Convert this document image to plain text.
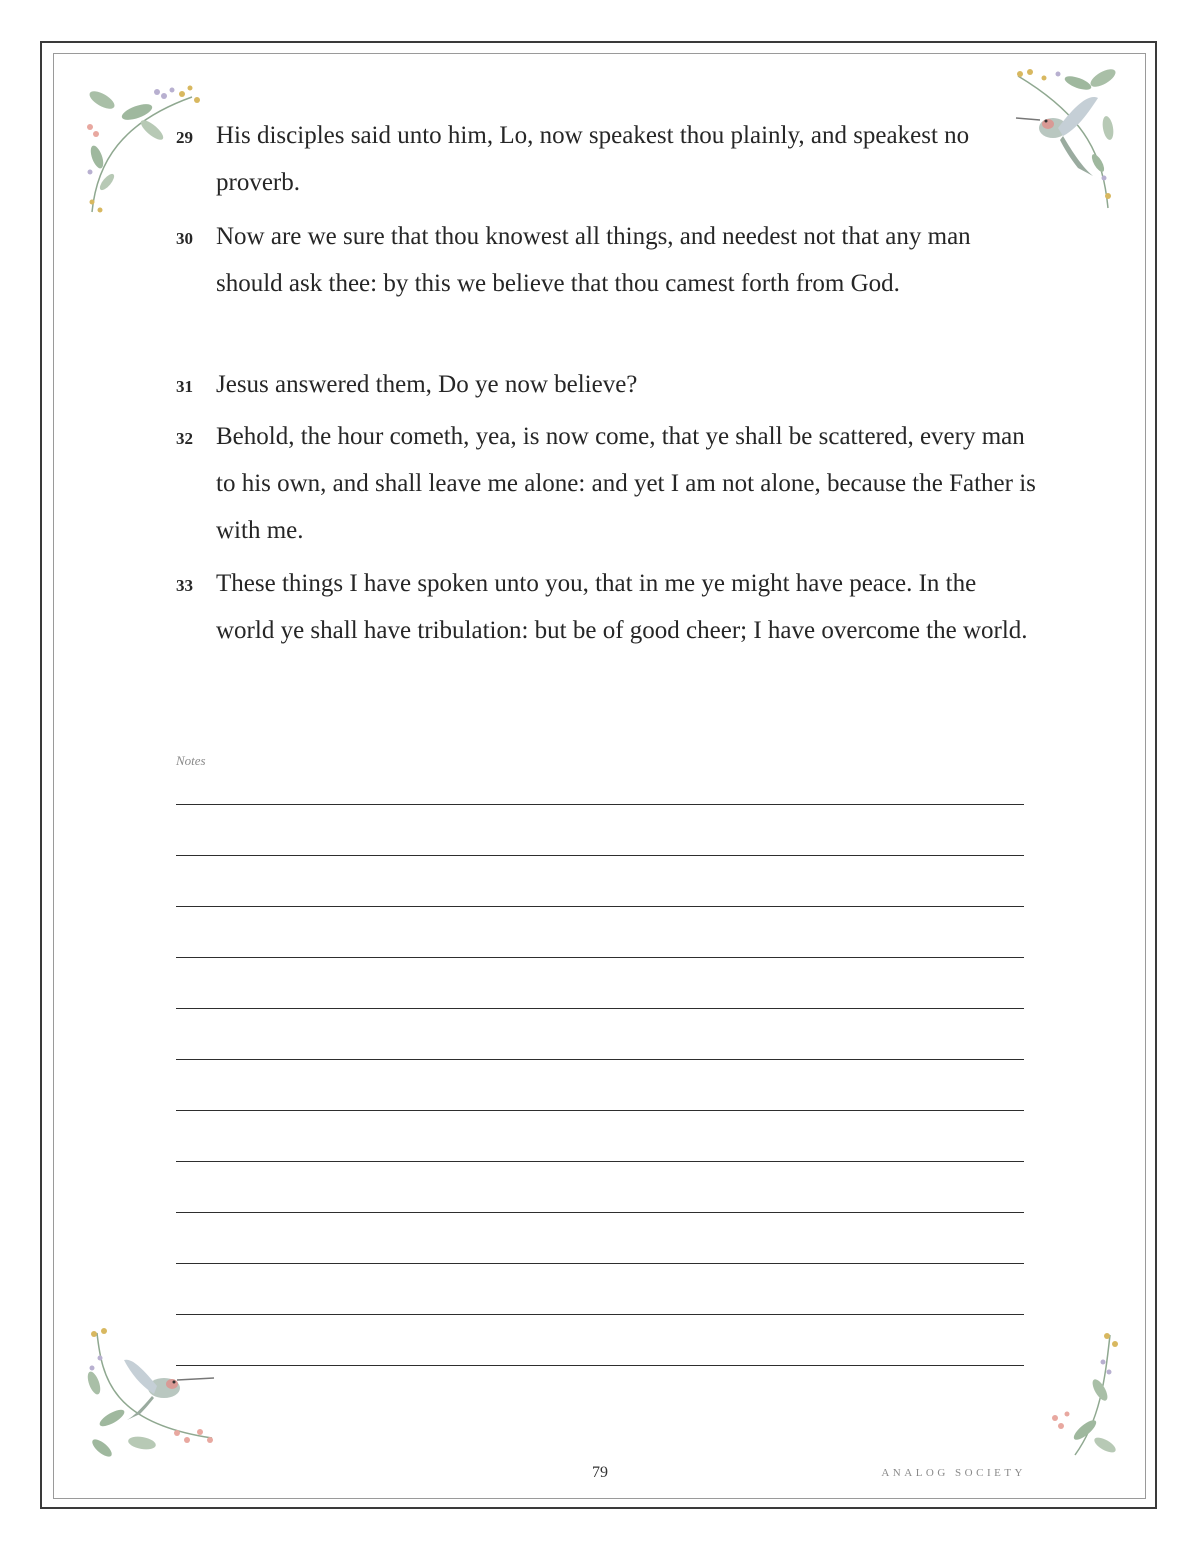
29 His disciples said unto him, Lo, now speakest thou plainly, and speakest no proverb.
30 Now are we sure that thou knowest all things, and needest not that any man should ask thee: by this we believe that thou camest forth from God.
31 Jesus answered them, Do ye now believe?
32 Behold, the hour cometh, yea, is now come, that ye shall be scattered, every man to his own, and shall leave me alone: and yet I am not alone, because the Father is with me.
33 These things I have spoken unto you, that in me ye might have peace. In the world ye shall have tribulation: but be of good cheer; I have overcome the world.
Notes
79	ANALOG SOCIETY
